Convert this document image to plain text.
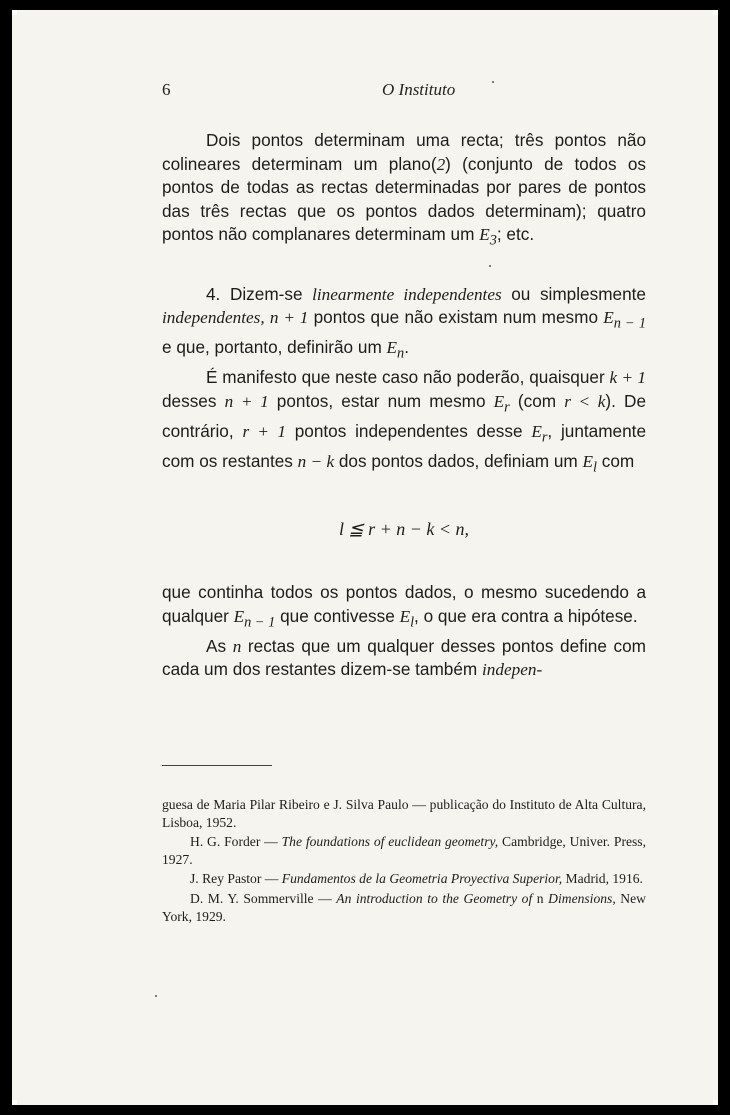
6	O Instituto

Dois pontos determinam uma recta; três pontos não colineares determinam um plano(2) (conjunto de todos os pontos de todas as rectas determinadas por pares de pontos das três rectas que os pontos dados determinam); quatro pontos não complanares determinam um $E_3$; etc.

4. Dizem-se linearmente independentes ou simplesmente independentes, n + 1 pontos que não existam num mesmo $E_{n - 1}$ e que, portanto, definirão um $E_n$.

É manifesto que neste caso não poderão, quaisquer k + 1 desses n + 1 pontos, estar num mesmo $E_r$ (com r < k). De contrário, r + 1 pontos independentes desse $E_r$, juntamente com os restantes n − k dos pontos dados, definiam um $E_l$ com

l ≦ r + n − k < n,

que continha todos os pontos dados, o mesmo sucedendo a qualquer $E_{n - 1}$ que contivesse $E_l$, o que era contra a hipótese.

As n rectas que um qualquer desses pontos define com cada um dos restantes dizem-se também indepen-

guesa de Maria Pilar Ribeiro e J. Silva Paulo — publicação do Instituto de Alta Cultura, Lisboa, 1952.

H. G. Forder — The foundations of euclidean geometry, Cambridge, Univer. Press, 1927.

J. Rey Pastor — Fundamentos de la Geometria Proyectiva Superior, Madrid, 1916.

D. M. Y. Sommerville — An introduction to the Geometry of n Dimensions, New York, 1929.
